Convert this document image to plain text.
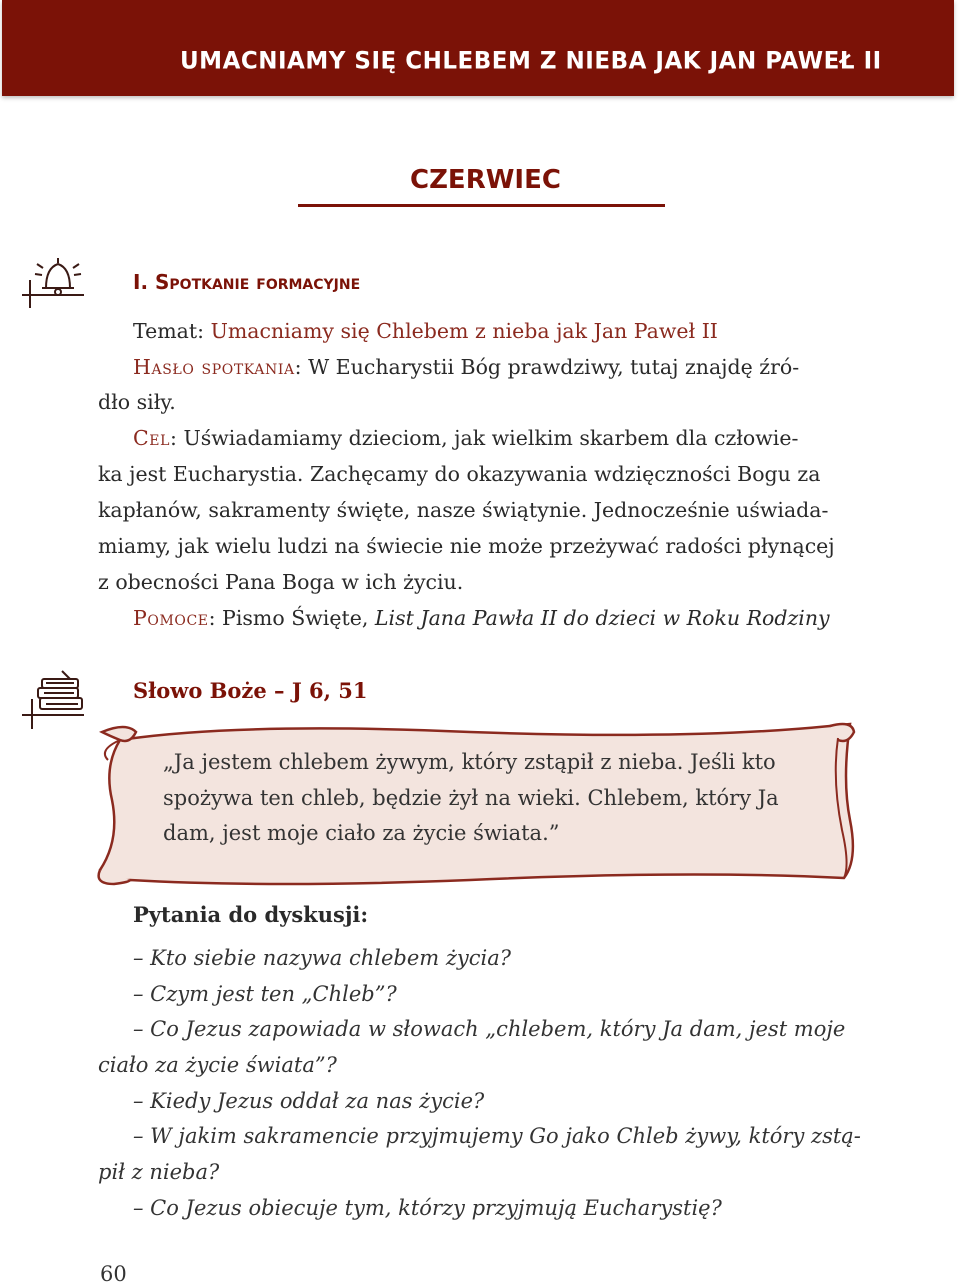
UMACNIAMY SIĘ CHLEBEM Z NIEBA JAK JAN PAWEŁ II
CZERWIEC
I. Spotkanie formacyjne
Temat: Umacniamy się Chlebem z nieba jak Jan Paweł II
Hasło spotkania: W Eucharystii Bóg prawdziwy, tutaj znajdę źró-
dło siły.
Cel: Uświadamiamy dzieciom, jak wielkim skarbem dla człowie-
ka jest Eucharystia. Zachęcamy do okazywania wdzięczności Bogu za
kapłanów, sakramenty święte, nasze świątynie. Jednocześnie uświada-
miamy, jak wielu ludzi na świecie nie może przeżywać radości płynącej
z obecności Pana Boga w ich życiu.
Pomoce: Pismo Święte, List Jana Pawła II do dzieci w Roku Rodziny
Słowo Boże – J 6, 51
„Ja jestem chlebem żywym, który zstąpił z nieba. Jeśli kto
spożywa ten chleb, będzie żył na wieki. Chlebem, który Ja
dam, jest moje ciało za życie świata.”
Pytania do dyskusji:
– Kto siebie nazywa chlebem życia?
– Czym jest ten „Chleb”?
– Co Jezus zapowiada w słowach „chlebem, który Ja dam, jest moje
ciało za życie świata”?
– Kiedy Jezus oddał za nas życie?
– W jakim sakramencie przyjmujemy Go jako Chleb żywy, który zstą-
pił z nieba?
– Co Jezus obiecuje tym, którzy przyjmują Eucharystię?
60
